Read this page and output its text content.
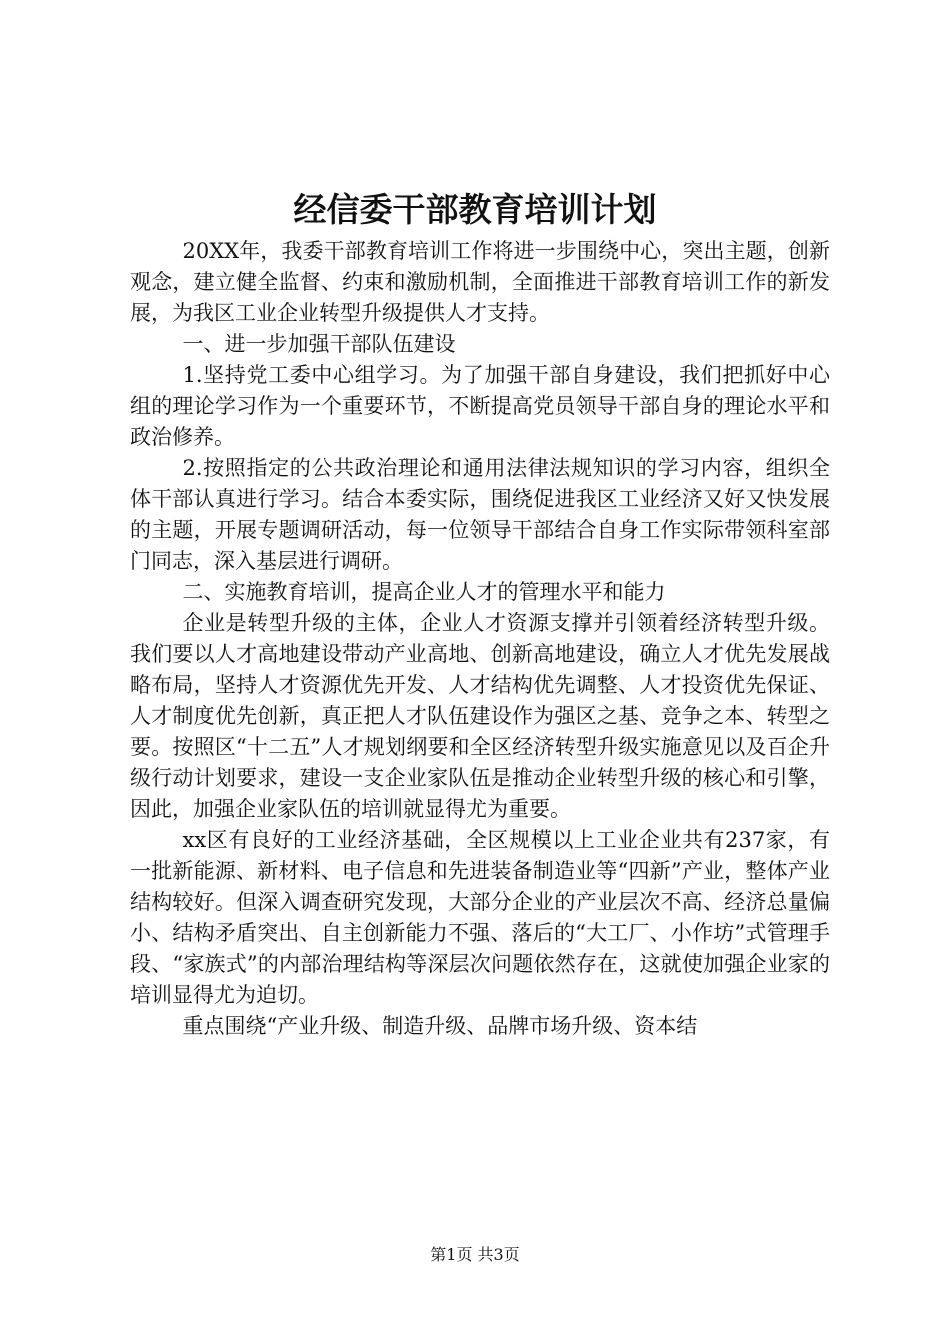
经信委干部教育培训计划

20XX年，我委干部教育培训工作将进一步围绕中心，突出主题，创新观念，建立健全监督、约束和激励机制，全面推进干部教育培训工作的新发展，为我区工业企业转型升级提供人才支持。

一、进一步加强干部队伍建设

1.坚持党工委中心组学习。为了加强干部自身建设，我们把抓好中心组的理论学习作为一个重要环节，不断提高党员领导干部自身的理论水平和政治修养。

2.按照指定的公共政治理论和通用法律法规知识的学习内容，组织全体干部认真进行学习。结合本委实际，围绕促进我区工业经济又好又快发展的主题，开展专题调研活动，每一位领导干部结合自身工作实际带领科室部门同志，深入基层进行调研。

二、实施教育培训，提高企业人才的管理水平和能力

企业是转型升级的主体，企业人才资源支撑并引领着经济转型升级。我们要以人才高地建设带动产业高地、创新高地建设，确立人才优先发展战略布局，坚持人才资源优先开发、人才结构优先调整、人才投资优先保证、人才制度优先创新，真正把人才队伍建设作为强区之基、竞争之本、转型之要。按照区“十二五”人才规划纲要和全区经济转型升级实施意见以及百企升级行动计划要求，建设一支企业家队伍是推动企业转型升级的核心和引擎，因此，加强企业家队伍的培训就显得尤为重要。

xx区有良好的工业经济基础，全区规模以上工业企业共有237家，有一批新能源、新材料、电子信息和先进装备制造业等“四新”产业，整体产业结构较好。但深入调查研究发现，大部分企业的产业层次不高、经济总量偏小、结构矛盾突出、自主创新能力不强、落后的“大工厂、小作坊”式管理手段、“家族式”的内部治理结构等深层次问题依然存在，这就使加强企业家的培训显得尤为迫切。

重点围绕“产业升级、制造升级、品牌市场升级、资本结

第1页 共3页
